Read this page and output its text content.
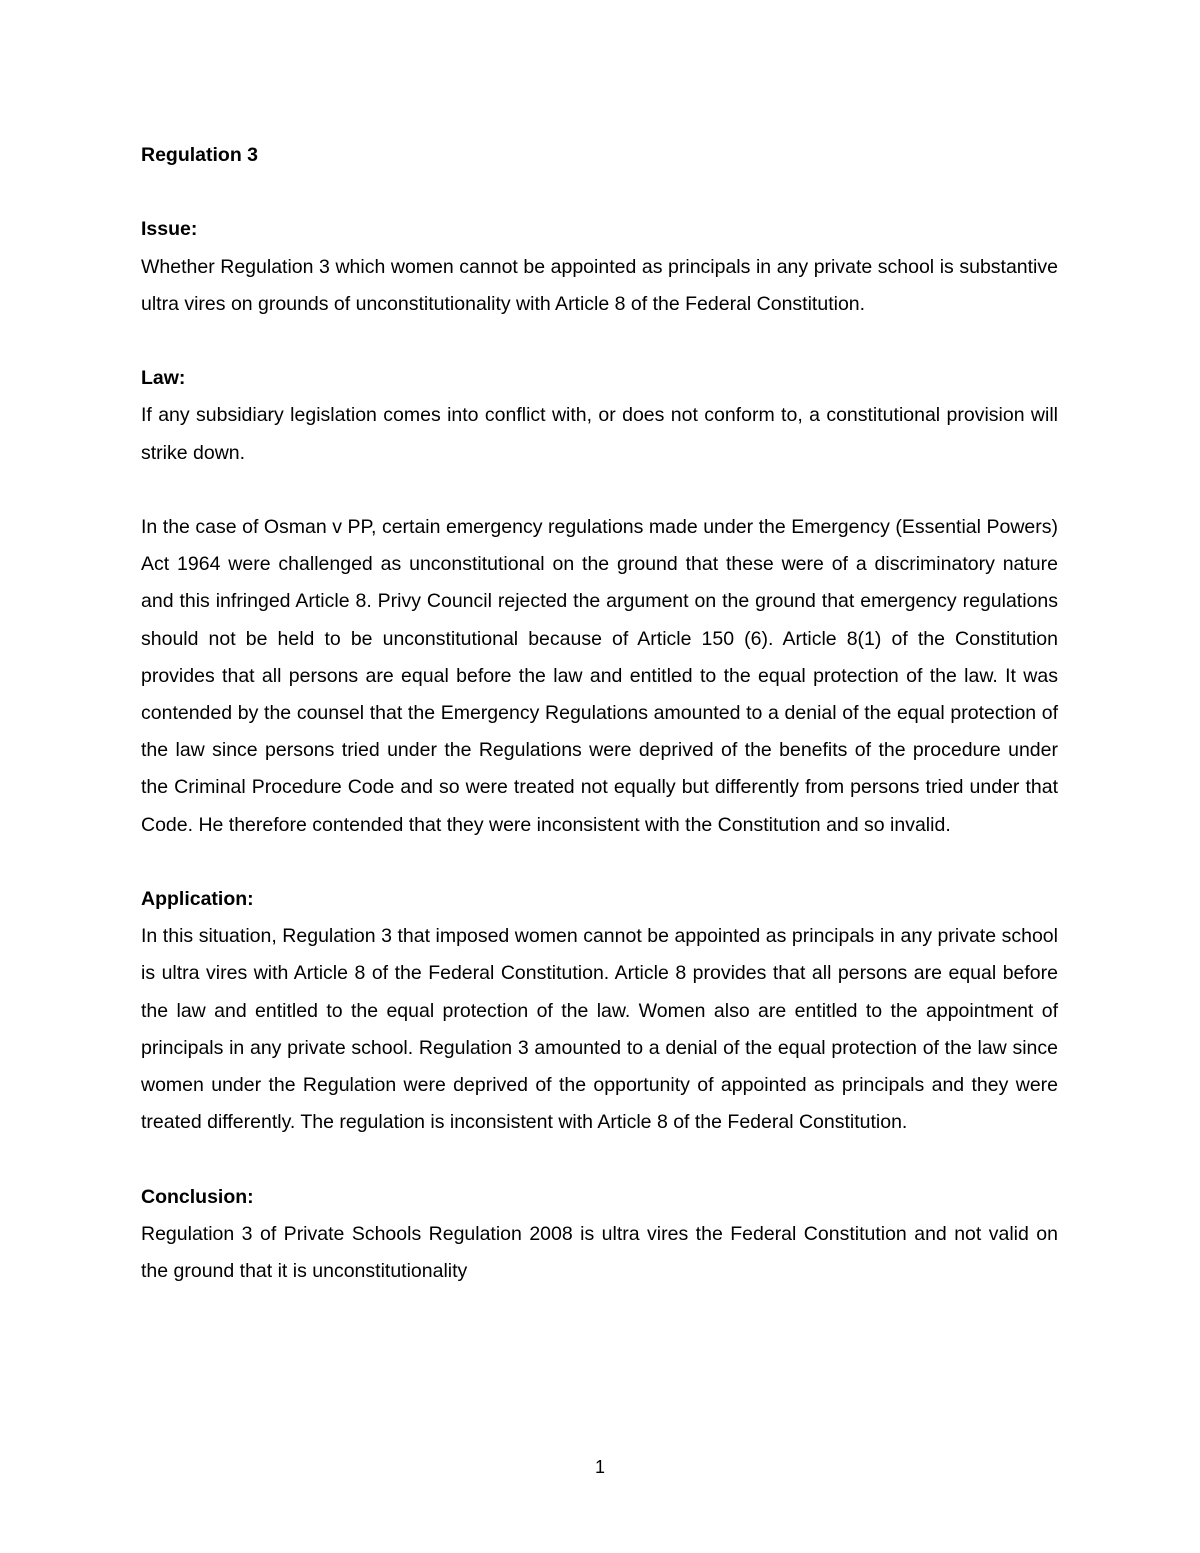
Regulation 3

Issue:

Whether Regulation 3 which women cannot be appointed as principals in any private school is substantive ultra vires on grounds of unconstitutionality with Article 8 of the Federal Constitution.

Law:

If any subsidiary legislation comes into conflict with, or does not conform to, a constitutional provision will strike down.

In the case of Osman v PP, certain emergency regulations made under the Emergency (Essential Powers) Act 1964 were challenged as unconstitutional on the ground that these were of a discriminatory nature and this infringed Article 8. Privy Council rejected the argument on the ground that emergency regulations should not be held to be unconstitutional because of Article 150 (6). Article 8(1) of the Constitution provides that all persons are equal before the law and entitled to the equal protection of the law. It was contended by the counsel that the Emergency Regulations amounted to a denial of the equal protection of the law since persons tried under the Regulations were deprived of the benefits of the procedure under the Criminal Procedure Code and so were treated not equally but differently from persons tried under that Code. He therefore contended that they were inconsistent with the Constitution and so invalid.

Application:

In this situation, Regulation 3 that imposed women cannot be appointed as principals in any private school is ultra vires with Article 8 of the Federal Constitution. Article 8 provides that all persons are equal before the law and entitled to the equal protection of the law. Women also are entitled to the appointment of principals in any private school. Regulation 3 amounted to a denial of the equal protection of the law since women under the Regulation were deprived of the opportunity of appointed as principals and they were treated differently. The regulation is inconsistent with Article 8 of the Federal Constitution.

Conclusion:

Regulation 3 of Private Schools Regulation 2008 is ultra vires the Federal Constitution and not valid on the ground that it is unconstitutionality

1
